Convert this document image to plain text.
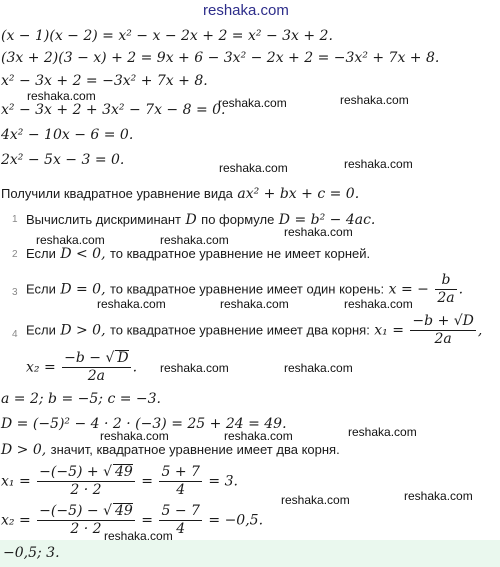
reshaka.com
(x − 1)(x − 2) = x² − x − 2x + 2 = x² − 3x + 2.
(3x + 2)(3 − x) + 2 = 9x + 6 − 3x² − 2x + 2 = −3x² + 7x + 8.
x² − 3x + 2 = −3x² + 7x + 8.
x² − 3x + 2 + 3x² − 7x − 8 = 0.
4x² − 10x − 6 = 0.
2x² − 5x − 3 = 0.
Получили квадратное уравнение вида ax² + bx + c = 0.
1 Вычислить дискриминант D по формуле D = b² − 4ac.
2 Если D < 0, то квадратное уравнение не имеет корней.
3 Если D = 0, то квадратное уравнение имеет один корень: x = − $\frac{b}{2a}$ .
4 Если D > 0, то квадратное уравнение имеет два корня: $x_1 = \frac{-b + √D}{2a}$ ,
$x_2 = \frac{-b - √ D}{2a}$ .
a = 2; b = −5; c = −3.
D = (−5)² − 4 · 2 · (−3) = 25 + 24 = 49.
D > 0, значит, квадратное уравнение имеет два корня.
$x_1 = \frac{-(-5) + √ 49}{2 \cdot 2} = \frac{5 + 7}{4} = 3$.
$x_2 = \frac{-(-5) - √ 49}{2 \cdot 2} = \frac{5 - 7}{4} = -0,5$.
−0,5; 3.
reshaka.com	reshaka.com	reshaka.com
reshaka.com	reshaka.com
reshaka.com	reshaka.com
reshaka.com
reshaka.com	reshaka.com	reshaka.com
reshaka.com	reshaka.com
reshaka.com	reshaka.com	reshaka.com
reshaka.com	reshaka.com
reshaka.com
